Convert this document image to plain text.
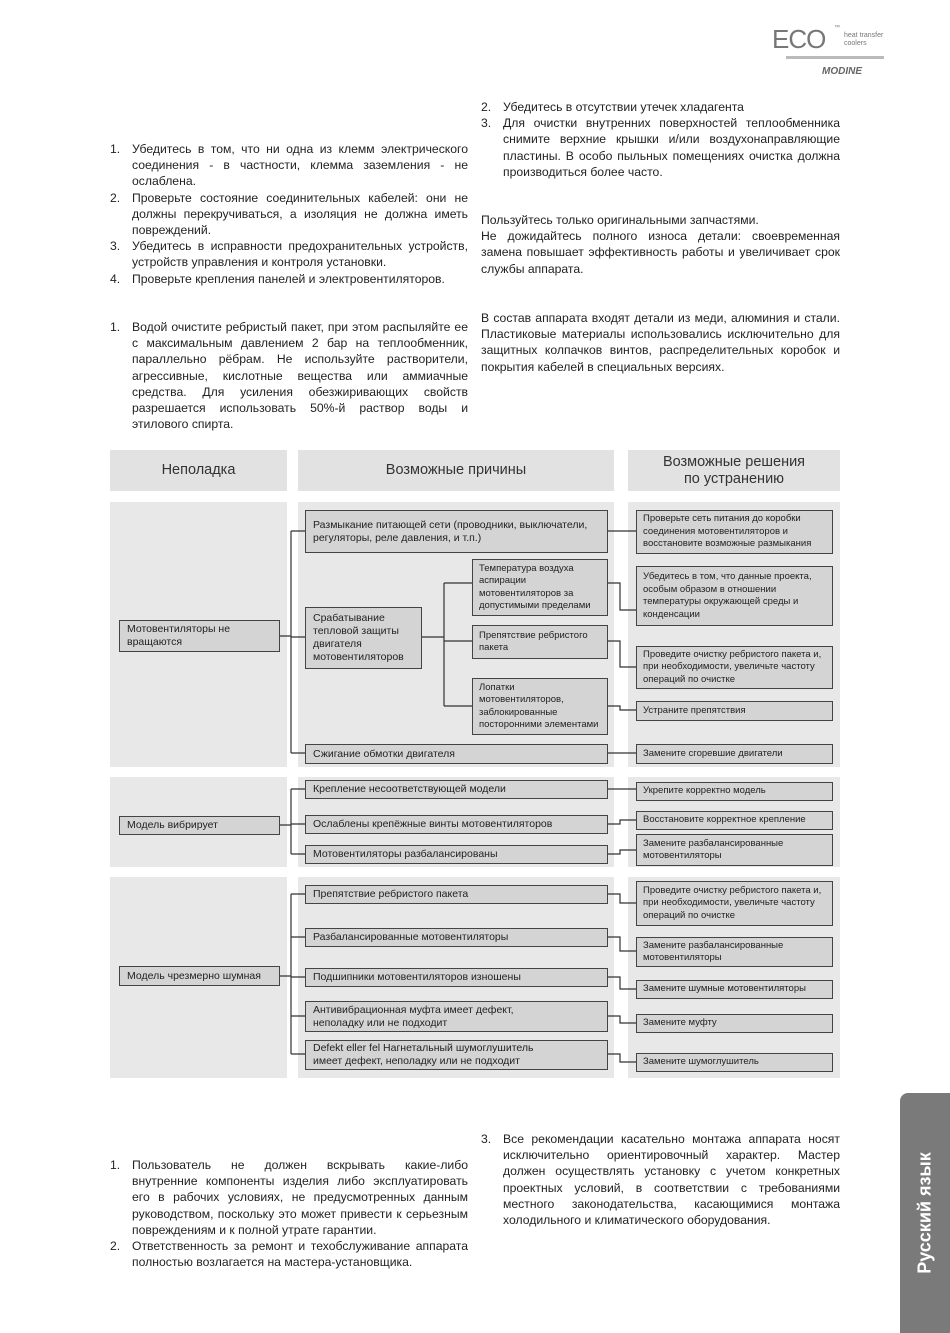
ECO ™
heat transfer
coolers
MODINE
1. Убедитесь в том, что ни одна из клемм электрического соединения - в частности, клемма заземления - не ослаблена.
2. Проверьте состояние соединительных кабелей: они не должны перекручиваться, а изоляция не должна иметь повреждений.
3. Убедитесь в исправности предохранительных устройств, устройств управления и контроля установки.
4. Проверьте крепления панелей и электровентиляторов.
1. Водой очистите ребристый пакет, при этом распыляйте ее с максимальным давлением 2 бар на теплообменник, параллельно рёбрам. Не используйте растворители, агрессивные, кислотные вещества или аммиачные средства. Для усиления обезжиривающих свойств разрешается использовать 50%-й раствор воды и этилового спирта.
2. Убедитесь в отсутствии утечек хладагента
3. Для очистки внутренних поверхностей теплообменника снимите верхние крышки и/или воздухонаправляющие пластины. В особо пыльных помещениях очистка должна производиться более часто.
Пользуйтесь только оригинальными запчастями.
Не дожидайтесь полного износа детали: своевременная замена повышает эффективность работы и увеличивает срок службы аппарата.
В состав аппарата входят детали из меди, алюминия и стали. Пластиковые материалы использовались исключительно для защитных колпачков винтов, распределительных коробок и покрытия кабелей в специальных версиях.
Неполадка	Возможные причины
Возможные решения по устранению
Мотовентиляторы не вращаются
Модель вибрирует
Модель чрезмерно шумная
Размыкание питающей сети (проводники, выключатели, регуляторы, реле давления, и т.п.)
Срабатывание тепловой защиты двигателя мотовентиляторов
Температура воздуха аспирации мотовентиляторов за допустимыми пределами
Препятствие ребристого пакета
Лопатки мотовентиляторов, заблокированные посторонними элементами
Сжигание обмотки двигателя
Крепление несоответствующей модели
Ослаблены крепёжные винты мотовентиляторов
Мотовентиляторы разбалансированы
Препятствие ребристого пакета
Разбалансированные мотовентиляторы
Подшипники мотовентиляторов изношены
Антивибрационная муфта имеет дефект, неполадку или не подходит
Defekt eller fel Нагнетальный шумоглушитель имеет дефект, неполадку или не подходит
Проверьте сеть питания до коробки соединения мотовентиляторов и восстановите возможные размыкания
Убедитесь в том, что данные проекта, особым образом в отношении температуры окружающей среды и конденсации
Проведите очистку ребристого пакета и, при необходимости, увеличьте частоту операций по очистке
Устраните препятствия
Замените сгоревшие двигатели
Укрепите корректно модель
Восстановите корректное крепление
Замените разбалансированные мотовентиляторы
Проведите очистку ребристого пакета и, при необходимости, увеличьте частоту операций по очистке
Замените разбалансированные мотовентиляторы
Замените шумные мотовентиляторы
Замените муфту
Замените шумоглушитель
1. Пользователь не должен вскрывать какие-либо внутренние компоненты изделия либо эксплуатировать его в рабочих условиях, не предусмотренных данным руководством, поскольку это может привести к серьезным повреждениям и к полной утрате гарантии.
2. Ответственность за ремонт и техобслуживание аппарата полностью возлагается на мастера-установщика.
3. Все рекомендации касательно монтажа аппарата носят исключительно ориентировочный характер. Мастер должен осуществлять установку с учетом конкретных проектных условий, в соответствии с требованиями местного законодательства, касающимися монтажа холодильного и климатического оборудования.	Русский язык
